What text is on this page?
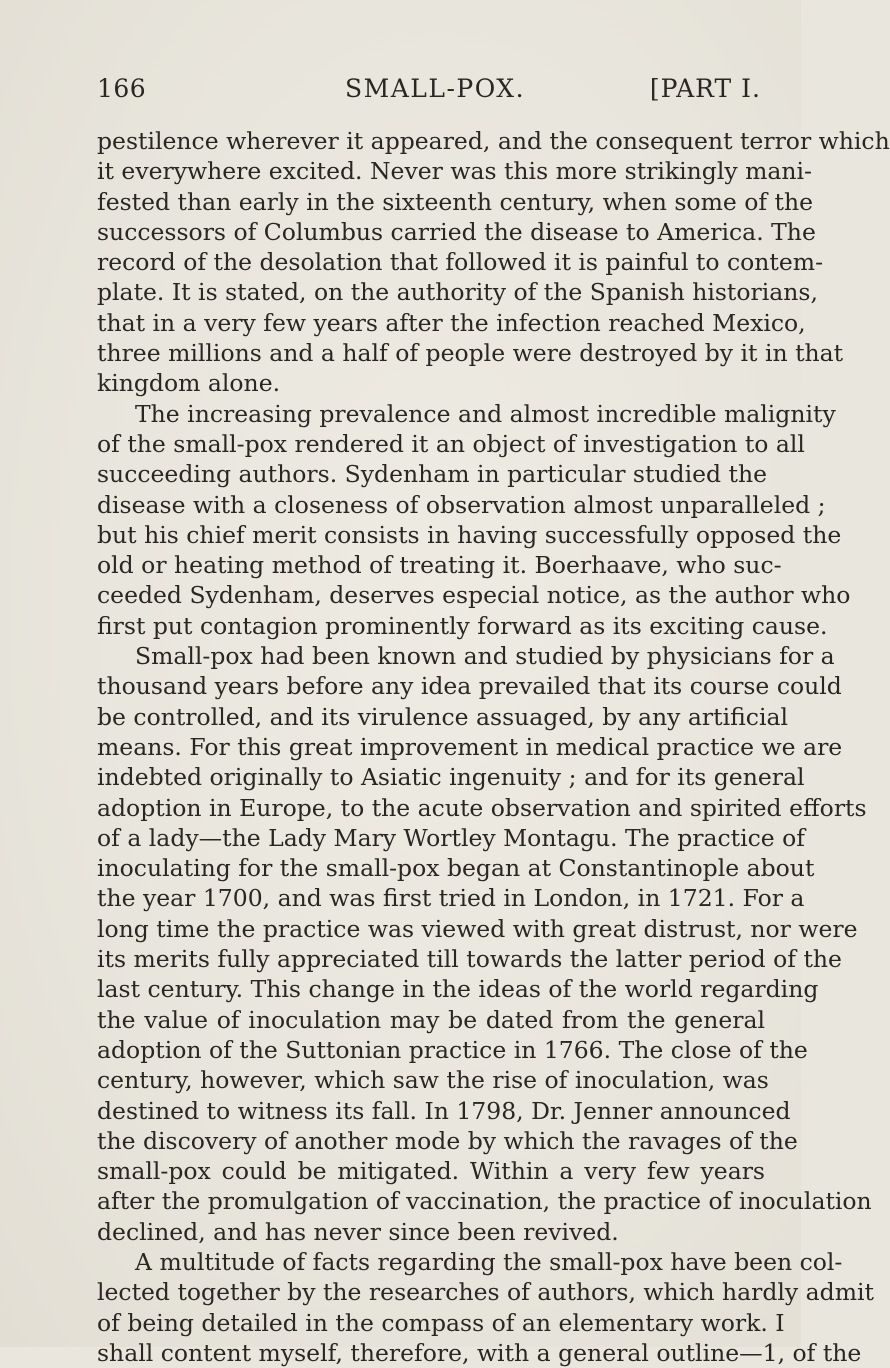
166	SMALL-POX.	[PART I.
pestilence wherever it appeared, and the consequent terror which
it everywhere excited. Never was this more strikingly mani-
fested than early in the sixteenth century, when some of the
successors of Columbus carried the disease to America. The
record of the desolation that followed it is painful to contem-
plate. It is stated, on the authority of the Spanish historians,
that in a very few years after the infection reached Mexico,
three millions and a half of people were destroyed by it in that
kingdom alone.
The increasing prevalence and almost incredible malignity
of the small-pox rendered it an object of investigation to all
succeeding authors. Sydenham in particular studied the
disease with a closeness of observation almost unparalleled ;
but his chief merit consists in having successfully opposed the
old or heating method of treating it. Boerhaave, who suc-
ceeded Sydenham, deserves especial notice, as the author who
first put contagion prominently forward as its exciting cause.
Small-pox had been known and studied by physicians for a
thousand years before any idea prevailed that its course could
be controlled, and its virulence assuaged, by any artificial
means. For this great improvement in medical practice we are
indebted originally to Asiatic ingenuity ; and for its general
adoption in Europe, to the acute observation and spirited efforts
of a lady—the Lady Mary Wortley Montagu. The practice of
inoculating for the small-pox began at Constantinople about
the year 1700, and was first tried in London, in 1721. For a
long time the practice was viewed with great distrust, nor were
its merits fully appreciated till towards the latter period of the
last century. This change in the ideas of the world regarding
the value of inoculation may be dated from the general
adoption of the Suttonian practice in 1766. The close of the
century, however, which saw the rise of inoculation, was
destined to witness its fall. In 1798, Dr. Jenner announced
the discovery of another mode by which the ravages of the
small-pox could be mitigated. Within a very few years
after the promulgation of vaccination, the practice of inoculation
declined, and has never since been revived.
A multitude of facts regarding the small-pox have been col-
lected together by the researches of authors, which hardly admit
of being detailed in the compass of an elementary work. I
shall content myself, therefore, with a general outline—1, of the
